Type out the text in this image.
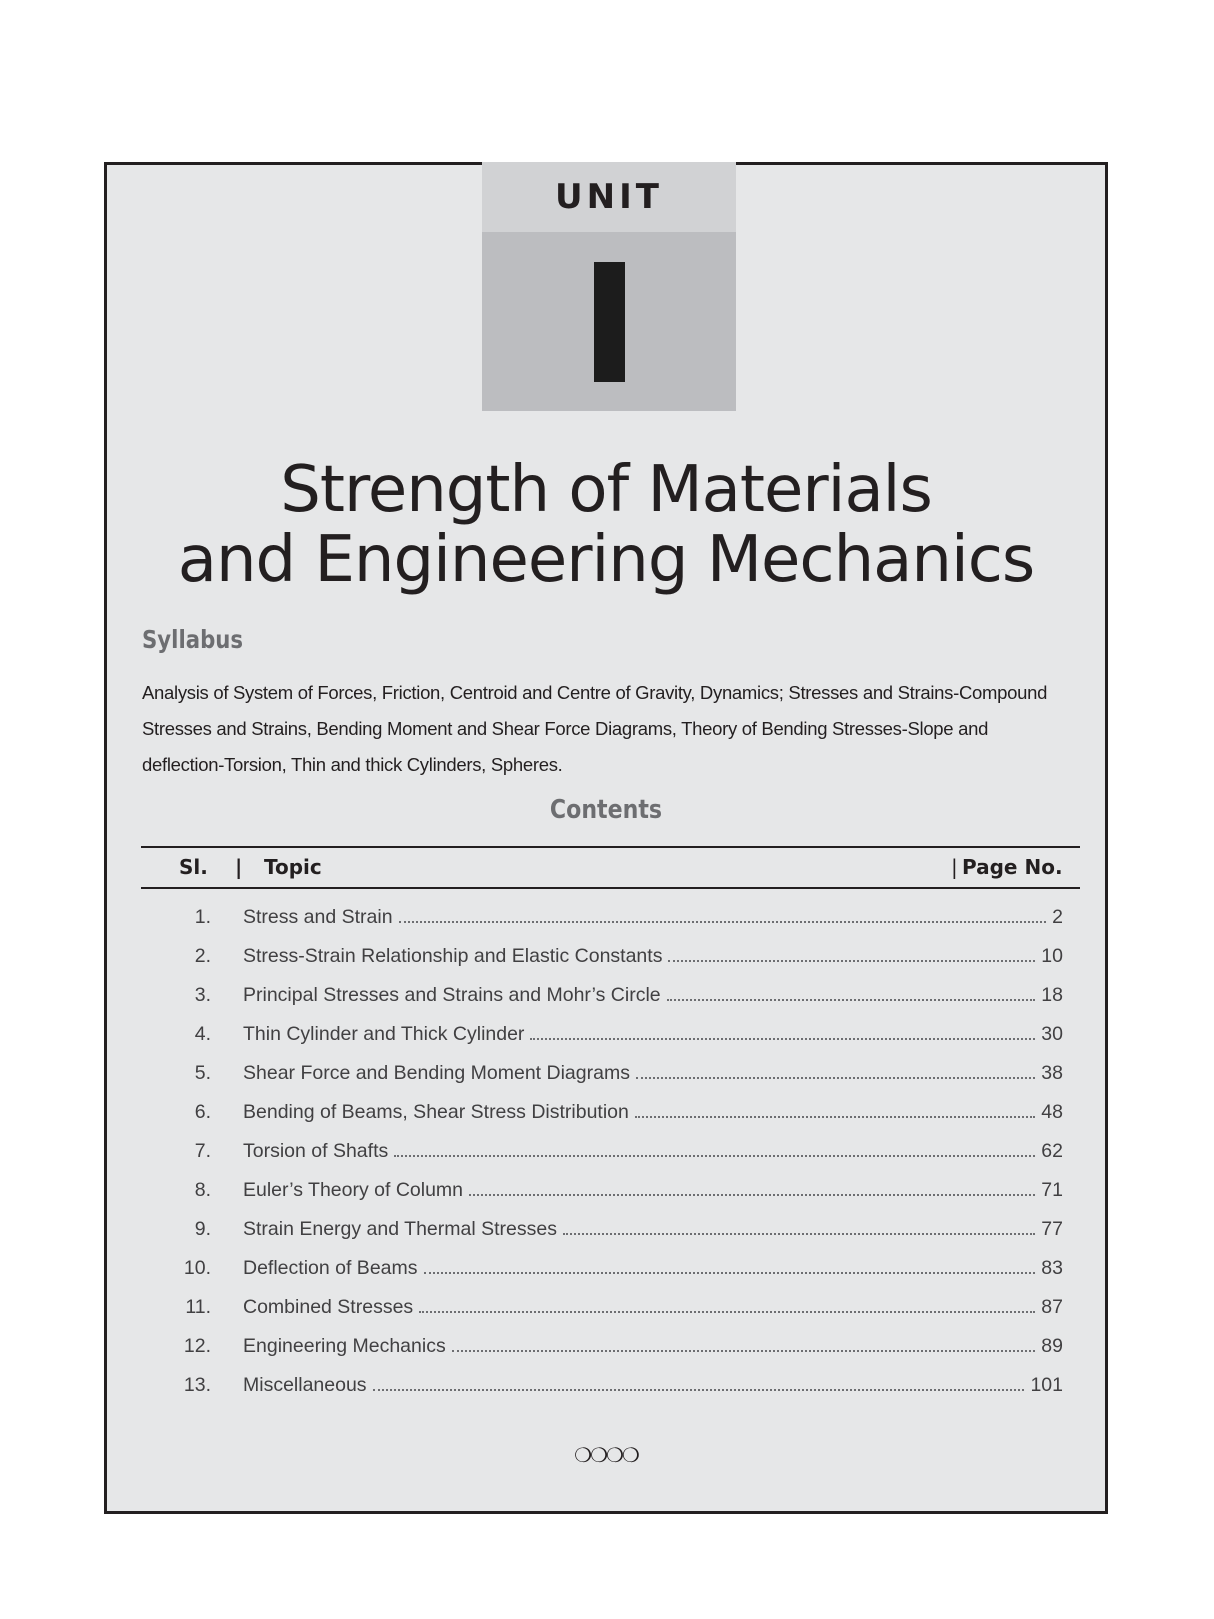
UNIT
Strength of Materials
and Engineering Mechanics
Syllabus
Analysis of System of Forces, Friction, Centroid and Centre of Gravity, Dynamics; Stresses and Strains-Compound Stresses and Strains, Bending Moment and Shear Force Diagrams, Theory of Bending Stresses-Slope and deflection-Torsion, Thin and thick Cylinders, Spheres.
Contents
Sl. | Topic	| Page No.
1. Stress and Strain	2
2. Stress-Strain Relationship and Elastic Constants	10
3. Principal Stresses and Strains and Mohr’s Circle	18
4. Thin Cylinder and Thick Cylinder	30
5. Shear Force and Bending Moment Diagrams	38
6. Bending of Beams, Shear Stress Distribution	48
7. Torsion of Shafts	62
8. Euler’s Theory of Column	71
9. Strain Energy and Thermal Stresses	77
10. Deflection of Beams	83
11. Combined Stresses	87
12. Engineering Mechanics	89
13. Miscellaneous	101
❍❍❍❍
